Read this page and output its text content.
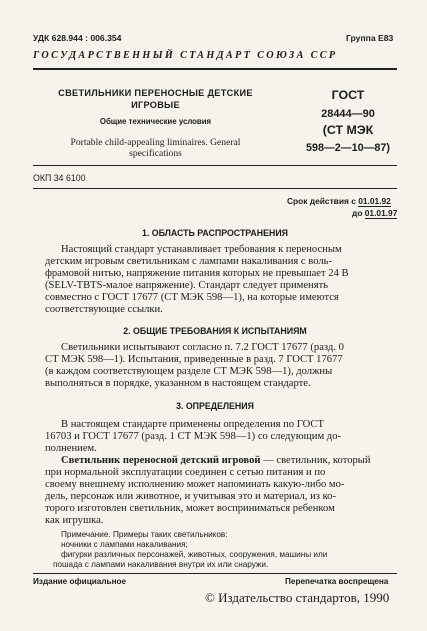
УДК 628.944 : 006.354	Группа Е83
ГОСУДАРСТВЕННЫЙ СТАНДАРТ СОЮЗА ССР
СВЕТИЛЬНИКИ ПЕРЕНОСНЫЕ ДЕТСКИЕ
ИГРОВЫЕ
Общие технические условия
Portable child-appealing liminaires. General
specifications
ГОСТ
28444—90
(СТ МЭК
598—2—10—87)
ОКП 34 6100
Срок действия с 01.01.92
до 01.01.97
1. ОБЛАСТЬ РАСПРОСТРАНЕНИЯ
Настоящий стандарт устанавливает требования к переносным
детским игровым светильникам с лампами накаливания с воль-
фрамовой нитью, напряжение питания которых не превышает 24 В
(SELV-TBTS-малое напряжение). Стандарт следует применять
совместно с ГОСТ 17677 (СТ МЭК 598—1), на которые имеются
соответствующие ссылки.
2. ОБЩИЕ ТРЕБОВАНИЯ К ИСПЫТАНИЯМ
Светильники испытывают согласно п. 7.2 ГОСТ 17677 (разд. 0
СТ МЭК 598—1). Испытания, приведенные в разд. 7 ГОСТ 17677
(в каждом соответствующем разделе СТ МЭК 598—1), должны
выполняться в порядке, указанном в настоящем стандарте.
3. ОПРЕДЕЛЕНИЯ
В настоящем стандарте применены определения по ГОСТ
16703 и ГОСТ 17677 (разд. 1 СТ МЭК 598—1) со следующим до-
полнением.
Светильник переносной детский игровой — светильник, который
при нормальной эксплуатации соединен с сетью питания и по
своему внешнему исполнению может напоминать какую-либо мо-
дель, персонаж или животное, и учитывая это и материал, из ко-
торого изготовлен светильник, может восприниматься ребенком
как игрушка.
Примечание. Примеры таких светильников:
ночники с лампами накаливания;
фигурки различных персонажей, животных, сооружения, машины или
пошада с лампами накаливания внутри их или снаружи.
Издание официальное	Перепечатка воспрещена
© Издательство стандартов, 1990
